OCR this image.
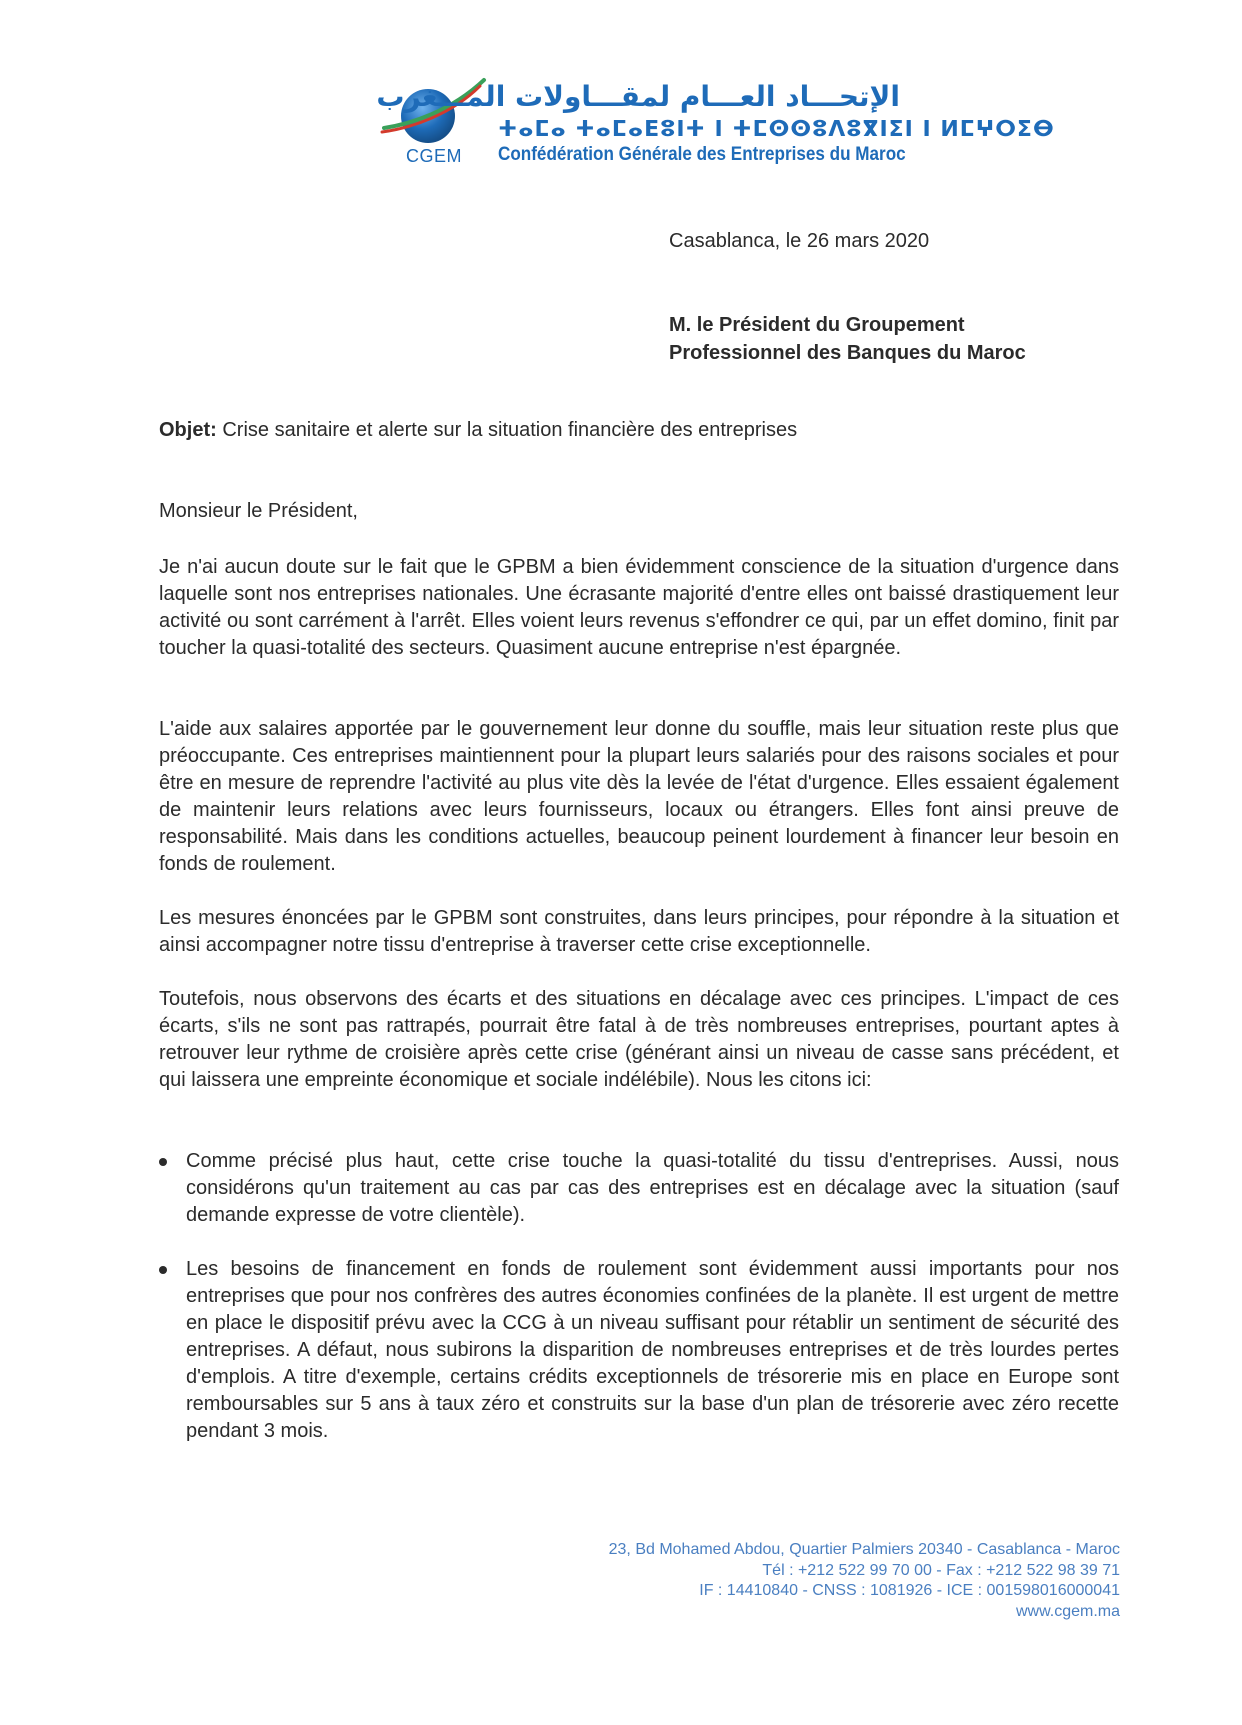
CGEM
الإتحـــاد العـــام لمقـــاولات المـــغرب
ⵜⴰⵎⴰ ⵜⴰⵎⴰⴹⵓⵏⵜ ⵏ ⵜⵎⵙⵙⵓⴷⵓⴳⵏⵉⵏ ⵏ ⵍⵎⵖⵔⵉⴱ
Confédération Générale des Entreprises du Maroc
Casablanca, le 26 mars 2020
M. le Président du Groupement
Professionnel des Banques du Maroc
Objet: Crise sanitaire et alerte sur la situation financière des entreprises
Monsieur le Président,
Je n'ai aucun doute sur le fait que le GPBM a bien évidemment conscience de la situation d'urgence dans laquelle sont nos entreprises nationales. Une écrasante majorité d'entre elles ont baissé drastiquement leur activité ou sont carrément à l'arrêt. Elles voient leurs revenus s'effondrer ce qui, par un effet domino, finit par toucher la quasi-totalité des secteurs. Quasiment aucune entreprise n'est épargnée.
L'aide aux salaires apportée par le gouvernement leur donne du souffle, mais leur situation reste plus que préoccupante. Ces entreprises maintiennent pour la plupart leurs salariés pour des raisons sociales et pour être en mesure de reprendre l'activité au plus vite dès la levée de l'état d'urgence. Elles essaient également de maintenir leurs relations avec leurs fournisseurs, locaux ou étrangers. Elles font ainsi preuve de responsabilité. Mais dans les conditions actuelles, beaucoup peinent lourdement à financer leur besoin en fonds de roulement.
Les mesures énoncées par le GPBM sont construites, dans leurs principes, pour répondre à la situation et ainsi accompagner notre tissu d'entreprise à traverser cette crise exceptionnelle.
Toutefois, nous observons des écarts et des situations en décalage avec ces principes. L'impact de ces écarts, s'ils ne sont pas rattrapés, pourrait être fatal à de très nombreuses entreprises, pourtant aptes à retrouver leur rythme de croisière après cette crise (générant ainsi un niveau de casse sans précédent, et qui laissera une empreinte économique et sociale indélébile). Nous les citons ici:
Comme précisé plus haut, cette crise touche la quasi-totalité du tissu d'entreprises. Aussi, nous considérons qu'un traitement au cas par cas des entreprises est en décalage avec la situation (sauf demande expresse de votre clientèle).
Les besoins de financement en fonds de roulement sont évidemment aussi importants pour nos entreprises que pour nos confrères des autres économies confinées de la planète. Il est urgent de mettre en place le dispositif prévu avec la CCG à un niveau suffisant pour rétablir un sentiment de sécurité des entreprises. A défaut, nous subirons la disparition de nombreuses entreprises et de très lourdes pertes d'emplois. A titre d'exemple, certains crédits exceptionnels de trésorerie mis en place en Europe sont remboursables sur 5 ans à taux zéro et construits sur la base d'un plan de trésorerie avec zéro recette pendant 3 mois.
23, Bd Mohamed Abdou, Quartier Palmiers 20340 - Casablanca - Maroc
Tél : +212 522 99 70 00 - Fax : +212 522 98 39 71
IF : 14410840 - CNSS : 1081926 - ICE : 001598016000041
www.cgem.ma
